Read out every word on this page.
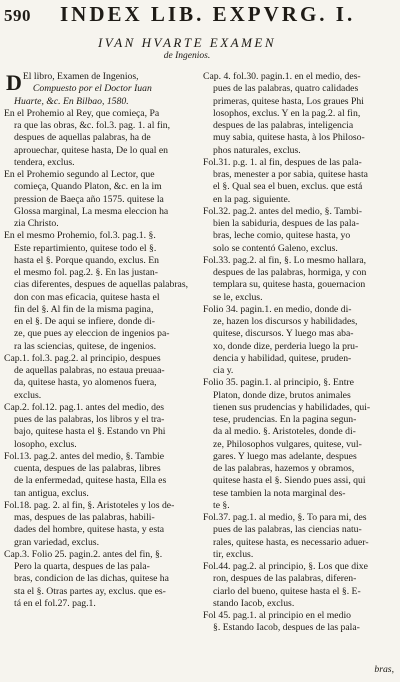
590 INDEX LIB. EXPVRG. I.
IVAN HVARTE EXAMEN
de Ingenios.
D El libro, Examen de Ingenios,
Compuesto por el Doctor Iuan
Huarte, &c. En Bilbao, 1580.
En el Prohemio al Rey, que comieça, Pa
ra que las obras, &c. fol.3. pag. 1. al fin,
despues de aquellas palabras, ha de
aprouechar, quitese hasta, De lo qual en
tendera, exclus.
En el Prohemio segundo al Lector, que
comieça, Quando Platon, &c. en la im
pression de Baeça año 1575. quitese la
Glossa marginal, La mesma eleccion ha
zia Christo.
En el mesmo Prohemio, fol.3. pag.1. §.
Este repartimiento, quitese todo el §.
hasta el §. Porque quando, exclus. En
el mesmo fol. pag.2. §. En las justan-
cias diferentes, despues de aquellas palabras,
don con mas eficacia, quitese hasta el
fin del §. Al fin de la misma pagina,
en el §. De aqui se infiere, donde di-
ze, que pues ay eleccion de ingenios pa-
ra las sciencias, quitese, de ingenios.
Cap.1. fol.3. pag.2. al principio, despues
de aquellas palabras, no estaua preuaa-
da, quitese hasta, yo alomenos fuera,
exclus.
Cap.2. fol.12. pag.1. antes del medio, des
pues de las palabras, los libros y el tra-
bajo, quitese hasta el §. Estando vn Phi
losopho, exclus.
Fol.13. pag.2. antes del medio, §. Tambie
cuenta, despues de las palabras, libres
de la enfermedad, quitese hasta, Ella es
tan antigua, exclus.
Fol.18. pag. 2. al fin, §. Aristoteles y los de-
mas, despues de las palabras, habili-
dades del hombre, quitese hasta, y esta
gran variedad, exclus.
Cap.3. Folio 25. pagin.2. antes del fin, §.
Pero la quarta, despues de las pala-
bras, condicion de las dichas, quitese ha
sta el §. Otras partes ay, exclus. que es-
tá en el fol.27. pag.1.
Cap. 4. fol.30. pagin.1. en el medio, des-
pues de las palabras, quatro calidades
primeras, quitese hasta, Los graues Phi
losophos, exclus. Y en la pag.2. al fin,
despues de las palabras, inteligencia
muy sabia, quitese hasta, à los Philoso-
phos naturales, exclus.
Fol.31. p.g. 1. al fin, despues de las pala-
bras, menester a por sabia, quitese hasta
el §. Qual sea el buen, exclus. que está
en la pag. siguiente.
Fol.32. pag.2. antes del medio, §. Tambi-
bien la sabiduria, despues de las pala-
bras, leche comio, quitese hasta, yo
solo se contentó Galeno, exclus.
Fol.33. pag.2. al fin, §. Lo mesmo hallara,
despues de las palabras, hormiga, y con
templara su, quitese hasta, gouernacion
se le, exclus.
Folio 34. pagin.1. en medio, donde di-
ze, hazen los discursos y habilidades,
quitese, discursos. Y luego mas aba-
xo, donde dize, perderia luego la pru-
dencia y habilidad, quitese, pruden-
cia y.
Folio 35. pagin.1. al principio, §. Entre
Platon, donde dize, brutos animales
tienen sus prudencias y habilidades, qui-
tese, prudencias. En la pagina segun-
da al medio. §. Aristoteles, donde di-
ze, Philosophos vulgares, quitese, vul-
gares. Y luego mas adelante, despues
de las palabras, hazemos y obramos,
quitese hasta el §. Siendo pues assi, qui
tese tambien la nota marginal des-
te §.
Fol.37. pag.1. al medio, §. To para mi, des
pues de las palabras, las ciencias natu-
rales, quitese hasta, es necessario aduer-
tir, exclus.
Fol.44. pag.2. al principio, §. Los que dixe
ron, despues de las palabras, diferen-
ciarlo del bueno, quitese hasta el §. E-
stando Iacob, exclus.
Fol 45. pag.1. al principio en el medio
§. Estando Iacob, despues de las pala-
bras,
